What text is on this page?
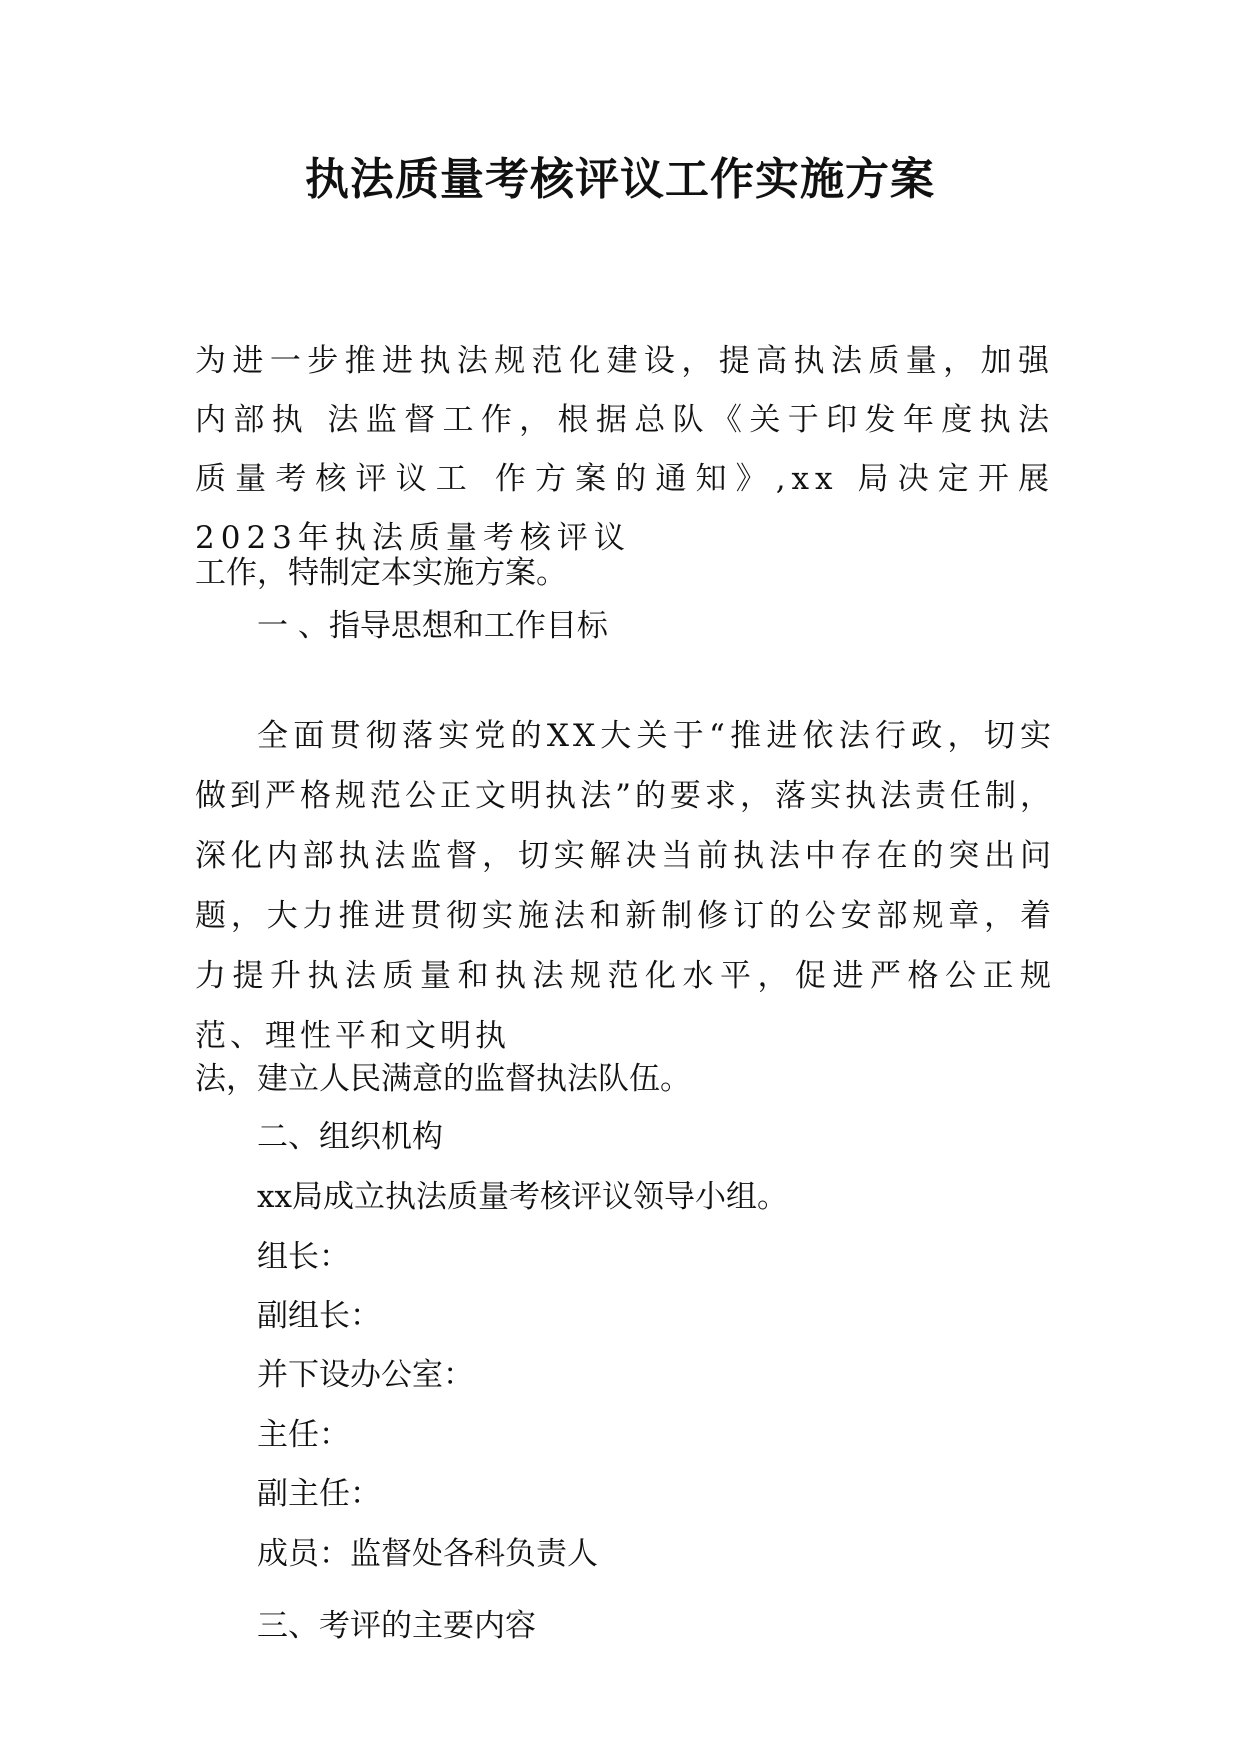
执法质量考核评议工作实施方案

为进一步推进执法规范化建设，提高执法质量，加强内部执 法监督工作，根据总队《关于印发年度执法质量考核评议工 作方案的通知》,xx 局决定开展2023年执法质量考核评议

工作，特制定本实施方案。

一 、指导思想和工作目标

全面贯彻落实党的XX大关于“推进依法行政，切实做到严格规范公正文明执法”的要求，落实执法责任制，深化内部执法监督，切实解决当前执法中存在的突出问题，大力推进贯彻实施法和新制修订的公安部规章，着力提升执法质量和执法规范化水平，促进严格公正规范、理性平和文明执

法，建立人民满意的监督执法队伍。

二、组织机构

xx局成立执法质量考核评议领导小组。

组长：

副组长：

并下设办公室：

主任：

副主任：

成员：监督处各科负责人

三、考评的主要内容
